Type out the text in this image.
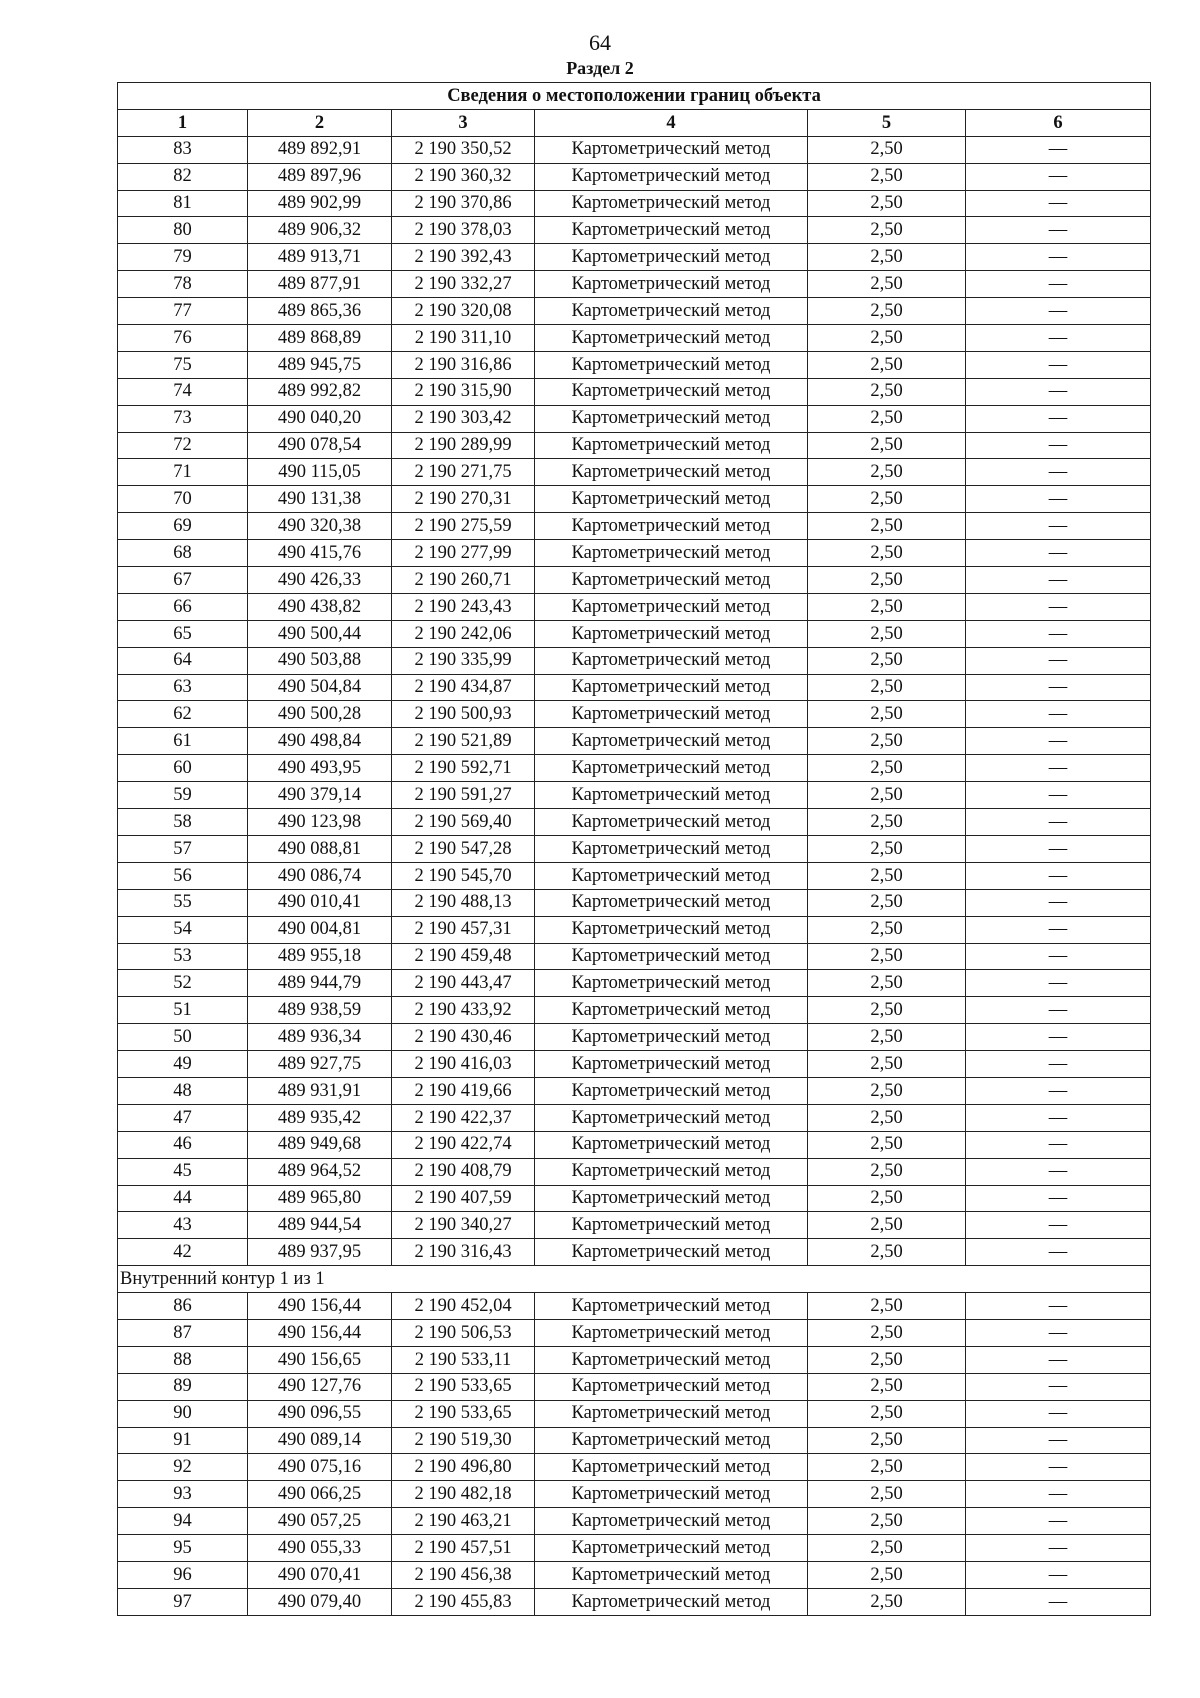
64
Раздел 2
Сведения о местоположении границ объекта					
1	2	3	4	5	6
83	489 892,91	2 190 350,52	Картометрический метод	2,50	—
82	489 897,96	2 190 360,32	Картометрический метод	2,50	—
81	489 902,99	2 190 370,86	Картометрический метод	2,50	—
80	489 906,32	2 190 378,03	Картометрический метод	2,50	—
79	489 913,71	2 190 392,43	Картометрический метод	2,50	—
78	489 877,91	2 190 332,27	Картометрический метод	2,50	—
77	489 865,36	2 190 320,08	Картометрический метод	2,50	—
76	489 868,89	2 190 311,10	Картометрический метод	2,50	—
75	489 945,75	2 190 316,86	Картометрический метод	2,50	—
74	489 992,82	2 190 315,90	Картометрический метод	2,50	—
73	490 040,20	2 190 303,42	Картометрический метод	2,50	—
72	490 078,54	2 190 289,99	Картометрический метод	2,50	—
71	490 115,05	2 190 271,75	Картометрический метод	2,50	—
70	490 131,38	2 190 270,31	Картометрический метод	2,50	—
69	490 320,38	2 190 275,59	Картометрический метод	2,50	—
68	490 415,76	2 190 277,99	Картометрический метод	2,50	—
67	490 426,33	2 190 260,71	Картометрический метод	2,50	—
66	490 438,82	2 190 243,43	Картометрический метод	2,50	—
65	490 500,44	2 190 242,06	Картометрический метод	2,50	—
64	490 503,88	2 190 335,99	Картометрический метод	2,50	—
63	490 504,84	2 190 434,87	Картометрический метод	2,50	—
62	490 500,28	2 190 500,93	Картометрический метод	2,50	—
61	490 498,84	2 190 521,89	Картометрический метод	2,50	—
60	490 493,95	2 190 592,71	Картометрический метод	2,50	—
59	490 379,14	2 190 591,27	Картометрический метод	2,50	—
58	490 123,98	2 190 569,40	Картометрический метод	2,50	—
57	490 088,81	2 190 547,28	Картометрический метод	2,50	—
56	490 086,74	2 190 545,70	Картометрический метод	2,50	—
55	490 010,41	2 190 488,13	Картометрический метод	2,50	—
54	490 004,81	2 190 457,31	Картометрический метод	2,50	—
53	489 955,18	2 190 459,48	Картометрический метод	2,50	—
52	489 944,79	2 190 443,47	Картометрический метод	2,50	—
51	489 938,59	2 190 433,92	Картометрический метод	2,50	—
50	489 936,34	2 190 430,46	Картометрический метод	2,50	—
49	489 927,75	2 190 416,03	Картометрический метод	2,50	—
48	489 931,91	2 190 419,66	Картометрический метод	2,50	—
47	489 935,42	2 190 422,37	Картометрический метод	2,50	—
46	489 949,68	2 190 422,74	Картометрический метод	2,50	—
45	489 964,52	2 190 408,79	Картометрический метод	2,50	—
44	489 965,80	2 190 407,59	Картометрический метод	2,50	—
43	489 944,54	2 190 340,27	Картометрический метод	2,50	—
42	489 937,95	2 190 316,43	Картометрический метод	2,50	—
Внутренний контур 1 из 1					
86	490 156,44	2 190 452,04	Картометрический метод	2,50	—
87	490 156,44	2 190 506,53	Картометрический метод	2,50	—
88	490 156,65	2 190 533,11	Картометрический метод	2,50	—
89	490 127,76	2 190 533,65	Картометрический метод	2,50	—
90	490 096,55	2 190 533,65	Картометрический метод	2,50	—
91	490 089,14	2 190 519,30	Картометрический метод	2,50	—
92	490 075,16	2 190 496,80	Картометрический метод	2,50	—
93	490 066,25	2 190 482,18	Картометрический метод	2,50	—
94	490 057,25	2 190 463,21	Картометрический метод	2,50	—
95	490 055,33	2 190 457,51	Картометрический метод	2,50	—
96	490 070,41	2 190 456,38	Картометрический метод	2,50	—
97	490 079,40	2 190 455,83	Картометрический метод	2,50	—
